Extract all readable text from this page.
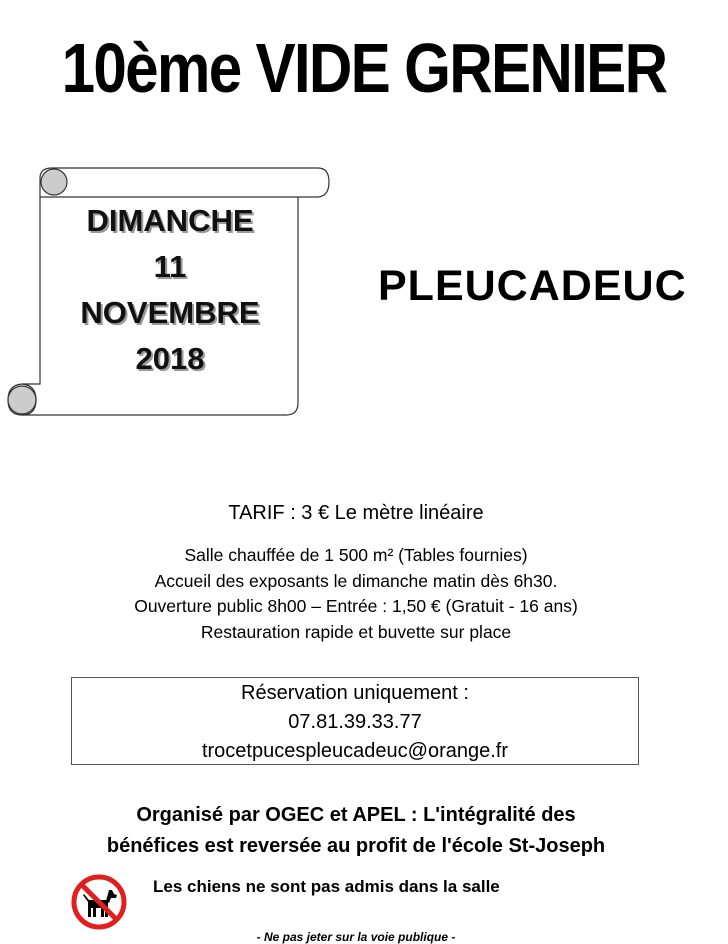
10ème VIDE GRENIER
DIMANCHE
11
NOVEMBRE
2018
PLEUCADEUC
TARIF : 3 € Le mètre linéaire
Salle chauffée de 1 500 m² (Tables fournies)
Accueil des exposants le dimanche matin dès 6h30.
Ouverture public 8h00 – Entrée : 1,50 € (Gratuit - 16 ans)
Restauration rapide et buvette sur place
Réservation uniquement :
07.81.39.33.77
trocetpucespleucadeuc@orange.fr
Organisé par OGEC et APEL : L'intégralité des
bénéfices est reversée au profit de l'école St-Joseph
Les chiens ne sont pas admis dans la salle
- Ne pas jeter sur la voie publique -
